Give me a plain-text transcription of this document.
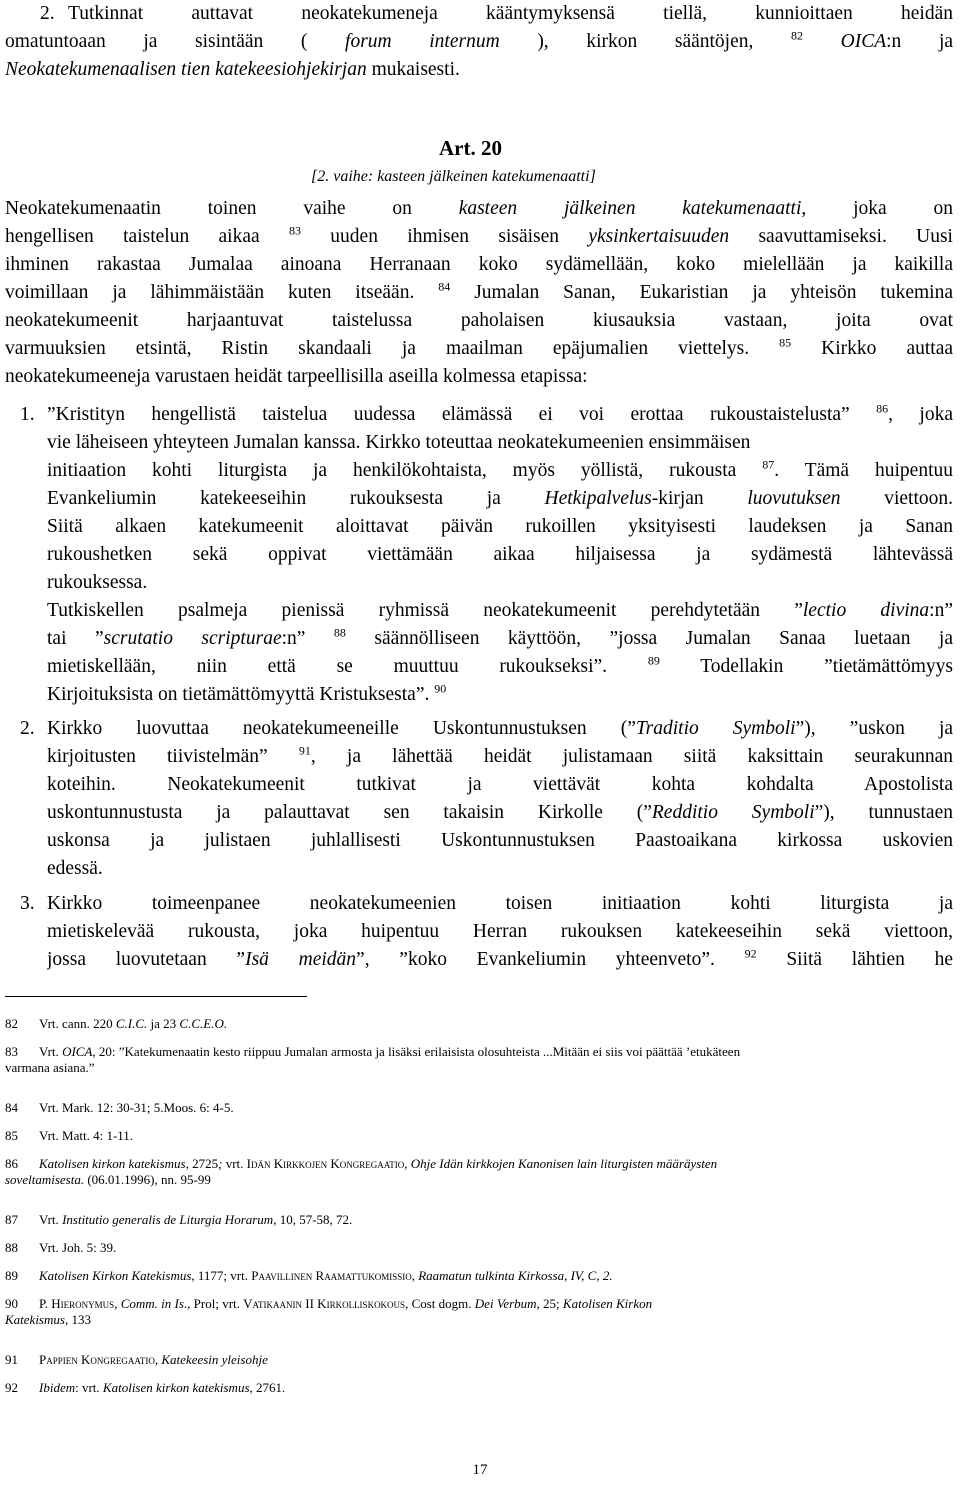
2. Tutkinnat auttavat neokatekumeneja kääntymyksensä tiellä, kunnioittaen heidän
omatuntoaan ja sisintään ( forum internum ), kirkon sääntöjen, $^{82}$ OICA:n ja
Neokatekumenaalisen tien katekeesiohjekirjan mukaisesti.
Art. 20
[2. vaihe: kasteen jälkeinen katekumenaatti]
Neokatekumenaatin toinen vaihe on kasteen jälkeinen katekumenaatti, joka on
hengellisen taistelun aikaa $^{83}$ uuden ihmisen sisäisen yksinkertaisuuden saavuttamiseksi. Uusi
ihminen rakastaa Jumalaa ainoana Herranaan koko sydämellään, koko mielellään ja kaikilla
voimillaan ja lähimmäistään kuten itseään. $^{84}$ Jumalan Sanan, Eukaristian ja yhteisön tukemina
neokatekumeenit harjaantuvat taistelussa paholaisen kiusauksia vastaan, joita ovat
varmuuksien etsintä, Ristin skandaali ja maailman epäjumalien viettelys. $^{85}$ Kirkko auttaa
neokatekumeeneja varustaen heidät tarpeellisilla aseilla kolmessa etapissa:
1. ”Kristityn hengellistä taistelua uudessa elämässä ei voi erottaa rukoustaistelusta” $^{86}$, joka
vie läheiseen yhteyteen Jumalan kanssa. Kirkko toteuttaa neokatekumeenien ensimmäisen
initiaation kohti liturgista ja henkilökohtaista, myös yöllistä, rukousta $^{87}$. Tämä huipentuu
Evankeliumin katekeeseihin rukouksesta ja Hetkipalvelus-kirjan luovutuksen viettoon.
Siitä alkaen katekumeenit aloittavat päivän rukoillen yksityisesti laudeksen ja Sanan
rukoushetken sekä oppivat viettämään aikaa hiljaisessa ja sydämestä lähtevässä
rukouksessa.
Tutkiskellen psalmeja pienissä ryhmissä neokatekumeenit perehdytetään ”lectio divina:n”
tai ”scrutatio scripturae:n” $^{88}$ säännölliseen käyttöön, ”jossa Jumalan Sanaa luetaan ja
mietiskellään, niin että se muuttuu rukoukseksi”. $^{89}$ Todellakin ”tietämättömyys
Kirjoituksista on tietämättömyyttä Kristuksesta”. $^{90}$
2. Kirkko luovuttaa neokatekumeeneille Uskontunnustuksen (”Traditio Symboli”), ”uskon ja
kirjoitusten tiivistelmän” $^{91}$, ja lähettää heidät julistamaan siitä kaksittain seurakunnan
koteihin. Neokatekumeenit tutkivat ja viettävät kohta kohdalta Apostolista
uskontunnustusta ja palauttavat sen takaisin Kirkolle (”Redditio Symboli”), tunnustaen
uskonsa ja julistaen juhlallisesti Uskontunnustuksen Paastoaikana kirkossa uskovien
edessä.
3. Kirkko toimeenpanee neokatekumeenien toisen initiaation kohti liturgista ja
mietiskelevää rukousta, joka huipentuu Herran rukouksen katekeeseihin sekä viettoon,
jossa luovutetaan ”Isä meidän”, ”koko Evankeliumin yhteenveto”. $^{92}$ Siitä lähtien he
82 Vrt. cann. 220 C.I.C. ja 23 C.C.E.O.
83 Vrt. OICA, 20: ”Katekumenaatin kesto riippuu Jumalan armosta ja lisäksi erilaisista olosuhteista ...Mitään ei siis voi päättää ’etukäteen
varmana asiana.”
84 Vrt. Mark. 12: 30-31; 5.Moos. 6: 4-5.
85 Vrt. Matt. 4: 1-11.
86 Katolisen kirkon katekismus, 2725; vrt. Idän Kirkkojen Kongregaatio, Ohje Idän kirkkojen Kanonisen lain liturgisten määräysten
soveltamisesta. (06.01.1996), nn. 95-99
87 Vrt. Institutio generalis de Liturgia Horarum, 10, 57-58, 72.
88 Vrt. Joh. 5: 39.
89 Katolisen Kirkon Katekismus, 1177; vrt. Paavillinen Raamattukomissio, Raamatun tulkinta Kirkossa, IV, C, 2.
90 P. Hieronymus, Comm. in Is., Prol; vrt. Vatikaanin II Kirkolliskokous, Cost dogm. Dei Verbum, 25; Katolisen Kirkon
Katekismus, 133
91 Pappien Kongregaatio, Katekeesin yleisohje
92 Ibidem: vrt. Katolisen kirkon katekismus, 2761.
17
